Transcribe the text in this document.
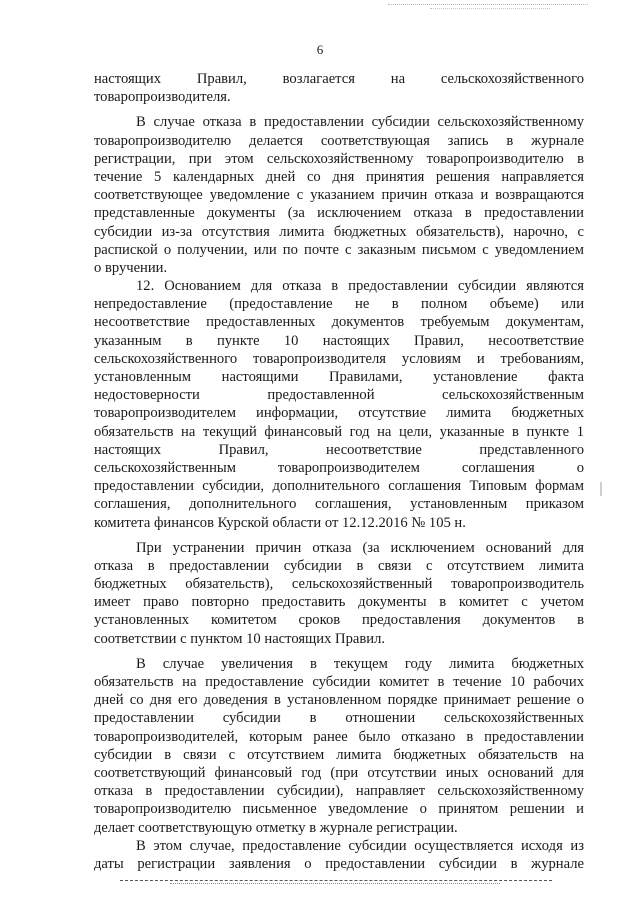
6
настоящих Правил, возлагается на сельскохозяйственного
товаропроизводителя.
В случае отказа в предоставлении субсидии сельскохозяйственному
товаропроизводителю делается соответствующая запись в журнале
регистрации, при этом сельскохозяйственному товаропроизводителю в
течение 5 календарных дней со дня принятия решения направляется
соответствующее уведомление с указанием причин отказа и возвращаются
представленные документы (за исключением отказа в предоставлении
субсидии из-за отсутствия лимита бюджетных обязательств), нарочно, с
распиской о получении, или по почте с заказным письмом с уведомлением
о вручении.
12. Основанием для отказа в предоставлении субсидии являются
непредоставление (предоставление не в полном объеме) или
несоответствие предоставленных документов требуемым документам,
указанным в пункте 10 настоящих Правил, несоответствие
сельскохозяйственного товаропроизводителя условиям и требованиям,
установленным настоящими Правилами, установление факта
недостоверности предоставленной сельскохозяйственным
товаропроизводителем информации, отсутствие лимита бюджетных
обязательств на текущий финансовый год на цели, указанные в пункте 1
настоящих Правил, несоответствие представленного
сельскохозяйственным товаропроизводителем соглашения о
предоставлении субсидии, дополнительного соглашения Типовым формам
соглашения, дополнительного соглашения, установленным приказом
комитета финансов Курской области от 12.12.2016 № 105 н.
При устранении причин отказа (за исключением оснований для
отказа в предоставлении субсидии в связи с отсутствием лимита
бюджетных обязательств), сельскохозяйственный товаропроизводитель
имеет право повторно предоставить документы в комитет с учетом
установленных комитетом сроков предоставления документов в
соответствии с пунктом 10 настоящих Правил.
В случае увеличения в текущем году лимита бюджетных
обязательств на предоставление субсидии комитет в течение 10 рабочих
дней со дня его доведения в установленном порядке принимает решение о
предоставлении субсидии в отношении сельскохозяйственных
товаропроизводителей, которым ранее было отказано в предоставлении
субсидии в связи с отсутствием лимита бюджетных обязательств на
соответствующий финансовый год (при отсутствии иных оснований для
отказа в предоставлении субсидии), направляет сельскохозяйственному
товаропроизводителю письменное уведомление о принятом решении и
делает соответствующую отметку в журнале регистрации.
В этом случае, предоставление субсидии осуществляется исходя из
даты регистрации заявления о предоставлении субсидии в журнале
